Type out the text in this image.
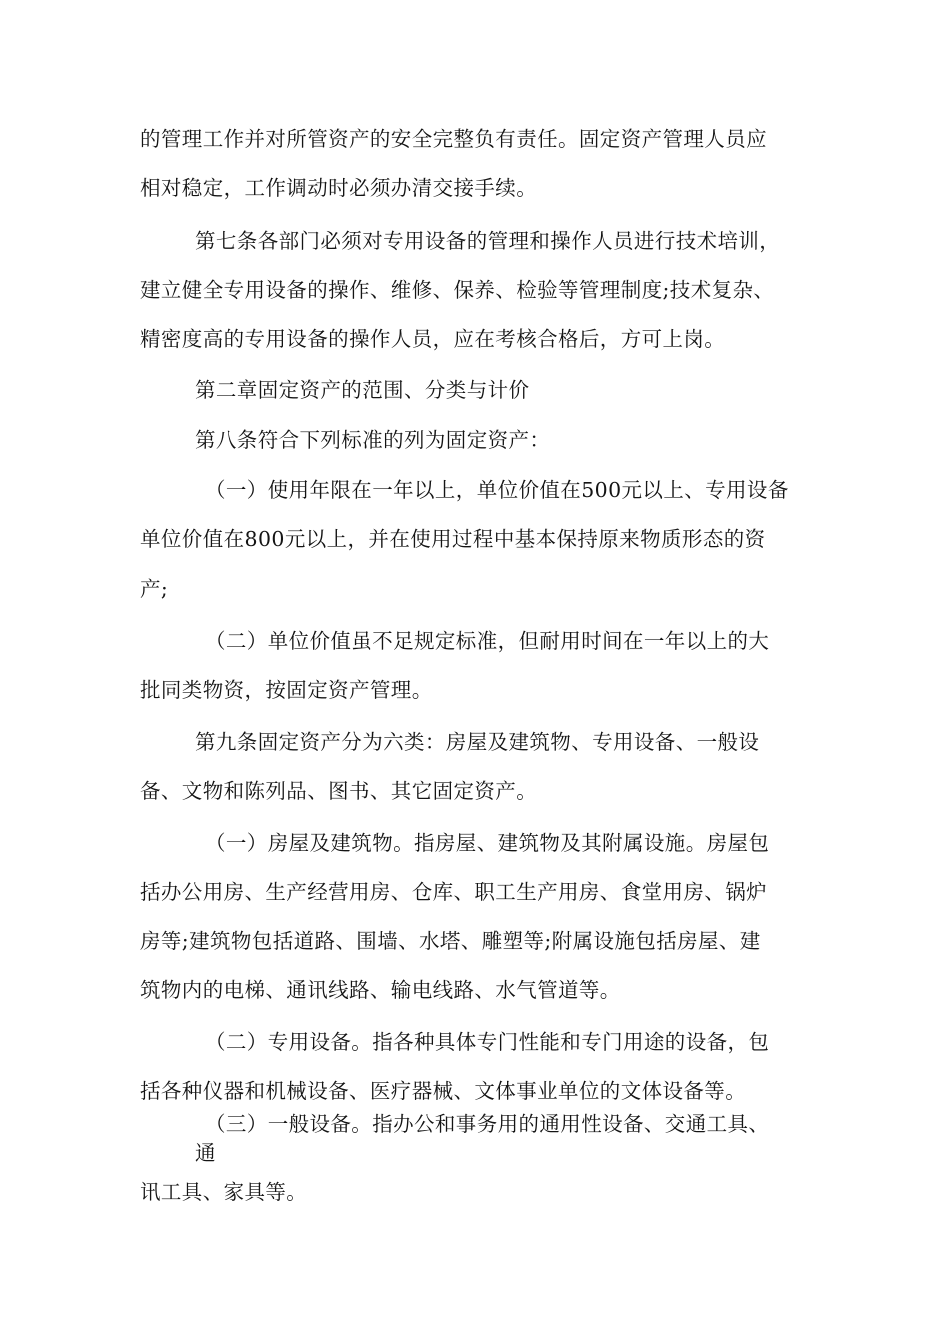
的管理工作并对所管资产的安全完整负有责任。固定资产管理人员应
相对稳定，工作调动时必须办清交接手续。
第七条各部门必须对专用设备的管理和操作人员进行技术培训，
建立健全专用设备的操作、维修、保养、检验等管理制度;技术复杂、
精密度高的专用设备的操作人员，应在考核合格后，方可上岗。
第二章固定资产的范围、分类与计价
第八条符合下列标准的列为固定资产：
（一）使用年限在一年以上，单位价值在500元以上、专用设备
单位价值在800元以上，并在使用过程中基本保持原来物质形态的资
产;
（二）单位价值虽不足规定标准，但耐用时间在一年以上的大
批同类物资，按固定资产管理。
第九条固定资产分为六类：房屋及建筑物、专用设备、一般设
备、文物和陈列品、图书、其它固定资产。
（一）房屋及建筑物。指房屋、建筑物及其附属设施。房屋包
括办公用房、生产经营用房、仓库、职工生产用房、食堂用房、锅炉
房等;建筑物包括道路、围墙、水塔、雕塑等;附属设施包括房屋、建
筑物内的电梯、通讯线路、输电线路、水气管道等。
（二）专用设备。指各种具体专门性能和专门用途的设备，包
括各种仪器和机械设备、医疗器械、文体事业单位的文体设备等。
（三）一般设备。指办公和事务用的通用性设备、交通工具、
通
讯工具、家具等。
